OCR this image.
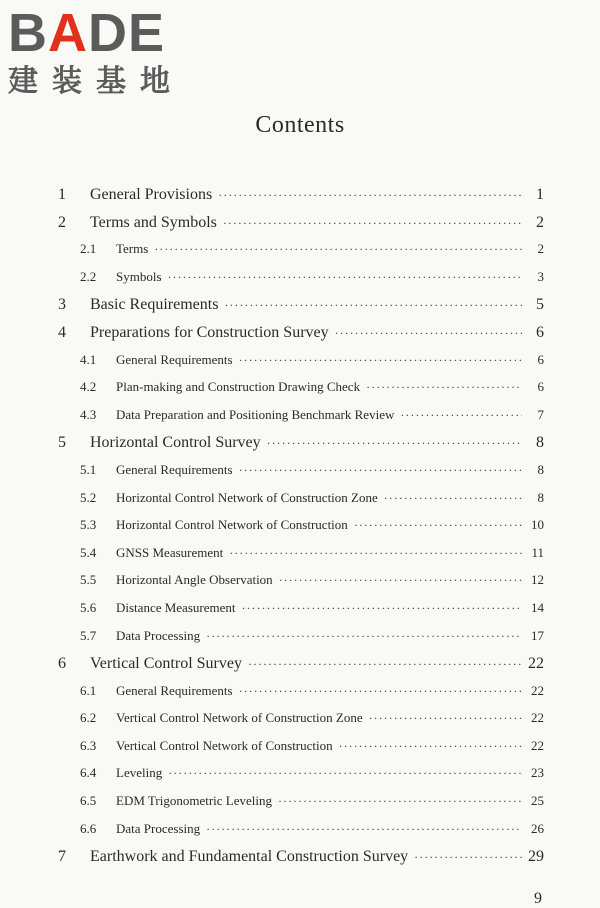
BADE
建装基地
Contents
1	General Provisions ·····	1
2	Terms and Symbols ·····	2
2.1	Terms ·····	2
2.2	Symbols ·····	3
3	Basic Requirements ·····	5
4	Preparations for Construction Survey ·····	6
4.1	General Requirements ·····	6
4.2	Plan-making and Construction Drawing Check ·····	6
4.3	Data Preparation and Positioning Benchmark Review ·····	7
5	Horizontal Control Survey ·····	8
5.1	General Requirements ·····	8
5.2	Horizontal Control Network of Construction Zone ·····	8
5.3	Horizontal Control Network of Construction ·····	10
5.4	GNSS Measurement ·····	11
5.5	Horizontal Angle Observation ·····	12
5.6	Distance Measurement ·····	14
5.7	Data Processing ·····	17
6	Vertical Control Survey ·····	22
6.1	General Requirements ·····	22
6.2	Vertical Control Network of Construction Zone ·····	22
6.3	Vertical Control Network of Construction ·····	22
6.4	Leveling ·····	23
6.5	EDM Trigonometric Leveling ·····	25
6.6	Data Processing ·····	26
7	Earthwork and Fundamental Construction Survey ·····	29
9
